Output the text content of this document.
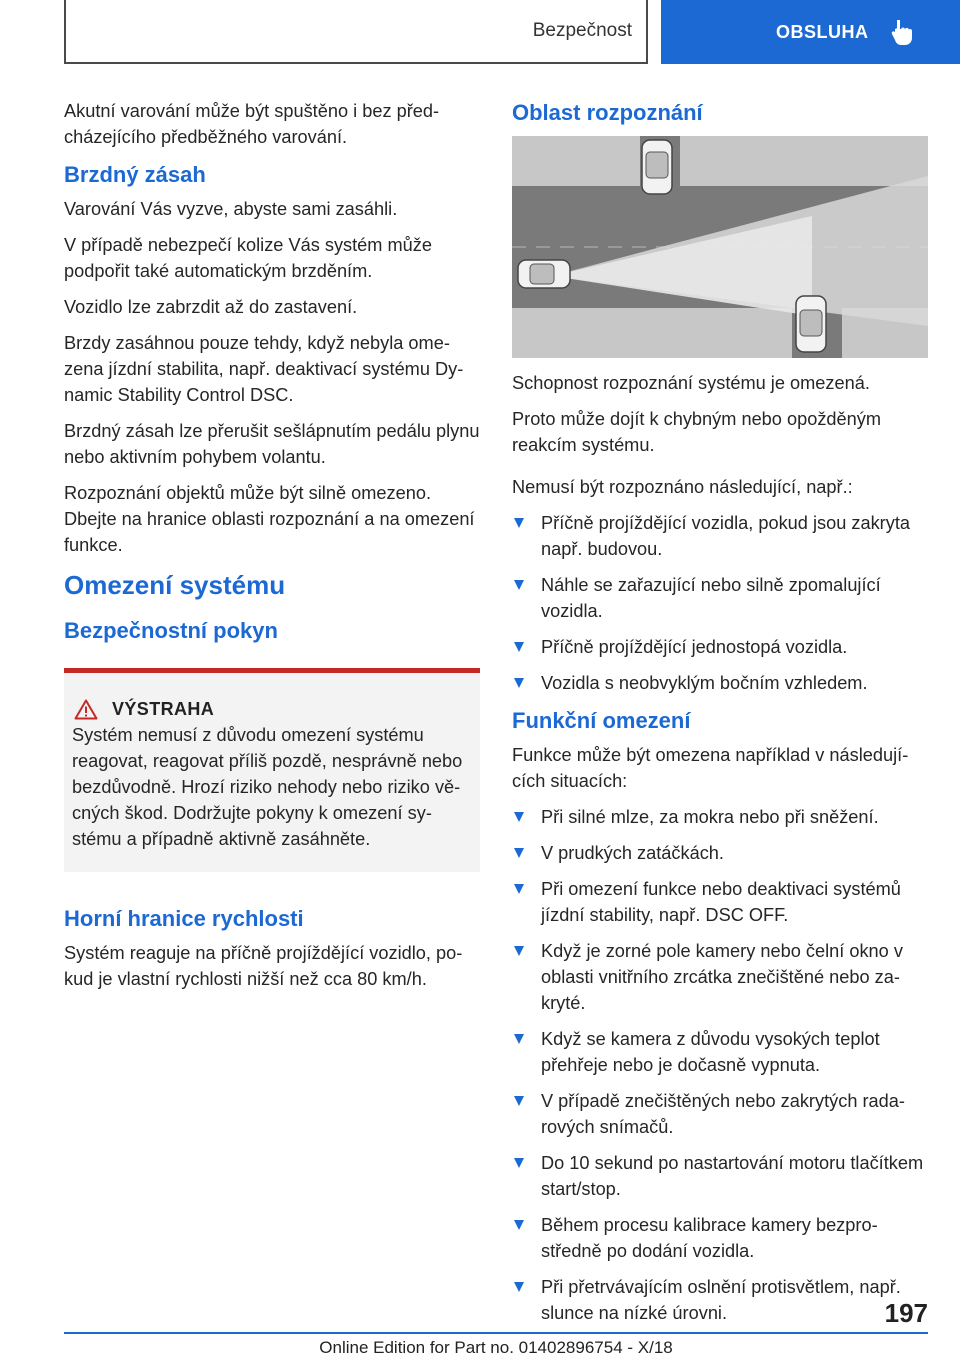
Bezpečnost	OBSLUHA

Akutní varování může být spuštěno i bez předcházejícího předběžného varování.

Brzdný zásah

Varování Vás vyzve, abyste sami zasáhli.

V případě nebezpečí kolize Vás systém může podpořit také automatickým brzděním.

Vozidlo lze zabrzdit až do zastavení.

Brzdy zasáhnou pouze tehdy, když nebyla omezena jízdní stabilita, např. deaktivací systému Dynamic Stability Control DSC.

Brzdný zásah lze přerušit sešlápnutím pedálu plynu nebo aktivním pohybem volantu.

Rozpoznání objektů může být silně omezeno. Dbejte na hranice oblasti rozpoznání a na omezení funkce.

Omezení systému
Bezpečnostní pokyn
VÝSTRAHA

Systém nemusí z důvodu omezení systému reagovat, reagovat příliš pozdě, nesprávně nebo bezdůvodně. Hrozí riziko nehody nebo riziko věcných škod. Dodržujte pokyny k omezení systému a případně aktivně zasáhněte.

Horní hranice rychlosti

Systém reaguje na příčně projíždějící vozidlo, pokud je vlastní rychlosti nižší než cca 80 km/h.

Oblast rozpoznání

Schopnost rozpoznání systému je omezená.

Proto může dojít k chybným nebo opožděným reakcím systému.

Nemusí být rozpoznáno následující, např.:

Příčně projíždějící vozidla, pokud jsou zakryta např. budovou.
Náhle se zařazující nebo silně zpomalující vozidla.
Příčně projíždějící jednostopá vozidla.
Vozidla s neobvyklým bočním vzhledem.
Funkční omezení

Funkce může být omezena například v následujících situacích:

Při silné mlze, za mokra nebo při sněžení.
V prudkých zatáčkách.
Při omezení funkce nebo deaktivaci systémů jízdní stability, např. DSC OFF.
Když je zorné pole kamery nebo čelní okno v oblasti vnitřního zrcátka znečištěné nebo zakryté.
Když se kamera z důvodu vysokých teplot přehřeje nebo je dočasně vypnuta.
V případě znečištěných nebo zakrytých radarových snímačů.
Do 10 sekund po nastartování motoru tlačítkem start/stop.
Během procesu kalibrace kamery bezprostředně po dodání vozidla.
Při přetrvávajícím oslnění protisvětlem, např. slunce na nízké úrovni.	197
Online Edition for Part no. 01402896754 - X/18
